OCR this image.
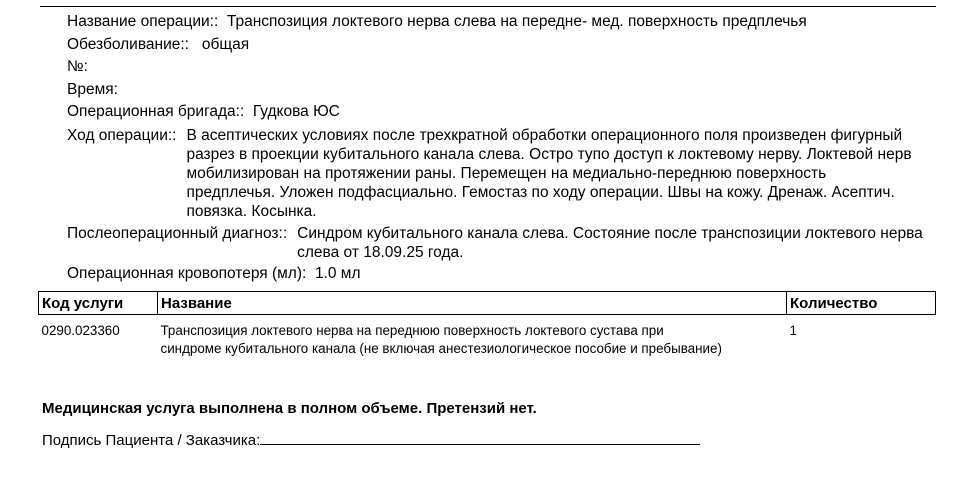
Название операции:: Транспозиция локтевого нерва слева на передне- мед. поверхность предплечья
Обезболивание:: общая
№:
Время:
Операционная бригада:: Гудкова ЮС
Ход операции:: В асептических условиях после трехкратной обработки операционного поля произведен фигурный разрез в проекции кубитального канала слева. Остро тупо доступ к локтевому нерву. Локтевой нерв мобилизирован на протяжении раны. Перемещен на медиально-переднюю поверхность предплечья. Уложен подфасциально. Гемостаз по ходу операции. Швы на кожу. Дренаж. Асептич. повязка. Косынка.
Послеоперационный диагноз:: Синдром кубитального канала слева. Состояние после транспозиции локтевого нерва слева от 18.09.25 года.
Операционная кровопотеря (мл): 1.0 мл
Код услуги	Название	Количество
0290.023360	Транспозиция локтевого нерва на переднюю поверхность локтевого сустава при синдроме кубитального канала (не включая анестезиологическое пособие и пребывание)	1
Медицинская услуга выполнена в полном объеме. Претензий нет.
Подпись Пациента / Заказчика:
